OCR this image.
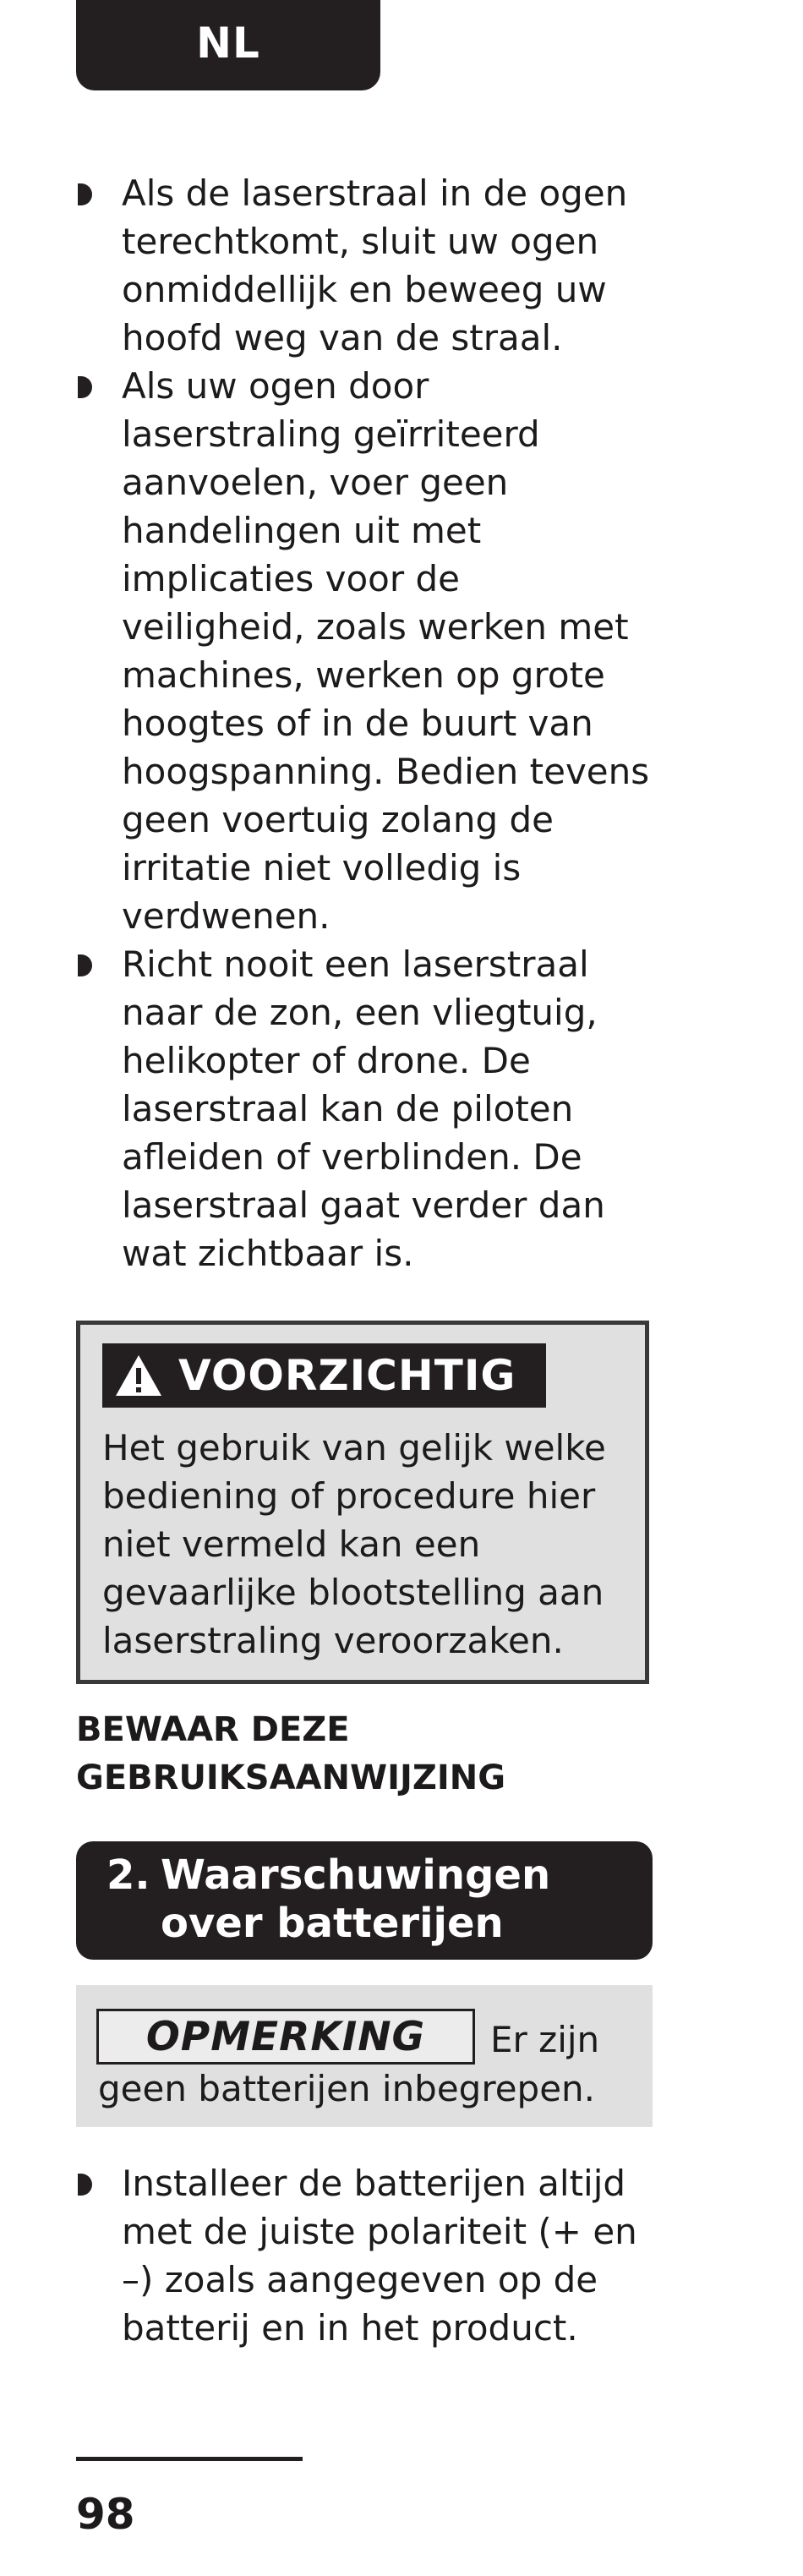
NL
Als de laserstraal in de ogen terechtkomt, sluit uw ogen onmiddellijk en beweeg uw hoofd weg van de straal.
Als uw ogen door laserstraling geïrriteerd aanvoelen, voer geen handelingen uit met implicaties voor de veiligheid, zoals werken met machines, werken op grote hoogtes of in de buurt van hoogspanning. Bedien tevens geen voertuig zolang de irritatie niet volledig is verdwenen.
Richt nooit een laserstraal naar de zon, een vliegtuig, helikopter of drone. De laserstraal kan de piloten afleiden of verblinden. De laserstraal gaat verder dan wat zichtbaar is.
VOORZICHTIG
Het gebruik van gelijk welke bediening of procedure hier niet vermeld kan een gevaarlijke blootstelling aan laserstraling veroorzaken.
BEWAAR DEZE GEBRUIKSAANWIJZING
2. Waarschuwingen over batterijen
OPMERKING	Er zijn
geen batterijen inbegrepen.
Installeer de batterijen altijd met de juiste polariteit (+ en –) zoals aangegeven op de batterij en in het product.
98
